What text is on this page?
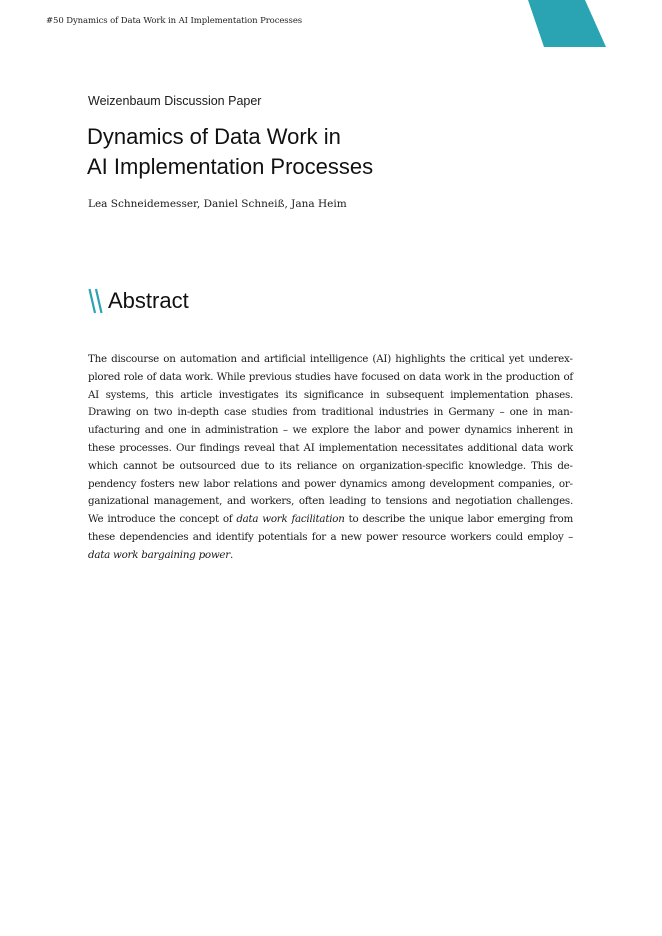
#50 Dynamics of Data Work in AI Implementation Processes
Weizenbaum Discussion Paper
Dynamics of Data Work in
AI Implementation Processes
Lea Schneidemesser, Daniel Schneiß, Jana Heim
Abstract

The discourse on automation and artificial intelligence (AI) highlights the critical yet underexplored role of data work. While previous studies have focused on data work in the production of AI systems, this article investigates its significance in subsequent implementation phases. Drawing on two in-depth case studies from traditional industries in Germany – one in manufacturing and one in administration – we explore the labor and power dynamics inherent in these processes. Our findings reveal that AI implementation necessitates additional data work which cannot be outsourced due to its reliance on organization-specific knowledge. This dependency fosters new labor relations and power dynamics among development companies, organizational management, and workers, often leading to tensions and negotiation challenges. We introduce the concept of data work facilitation to describe the unique labor emerging from these dependencies and identify potentials for a new power resource workers could employ – data work bargaining power.
